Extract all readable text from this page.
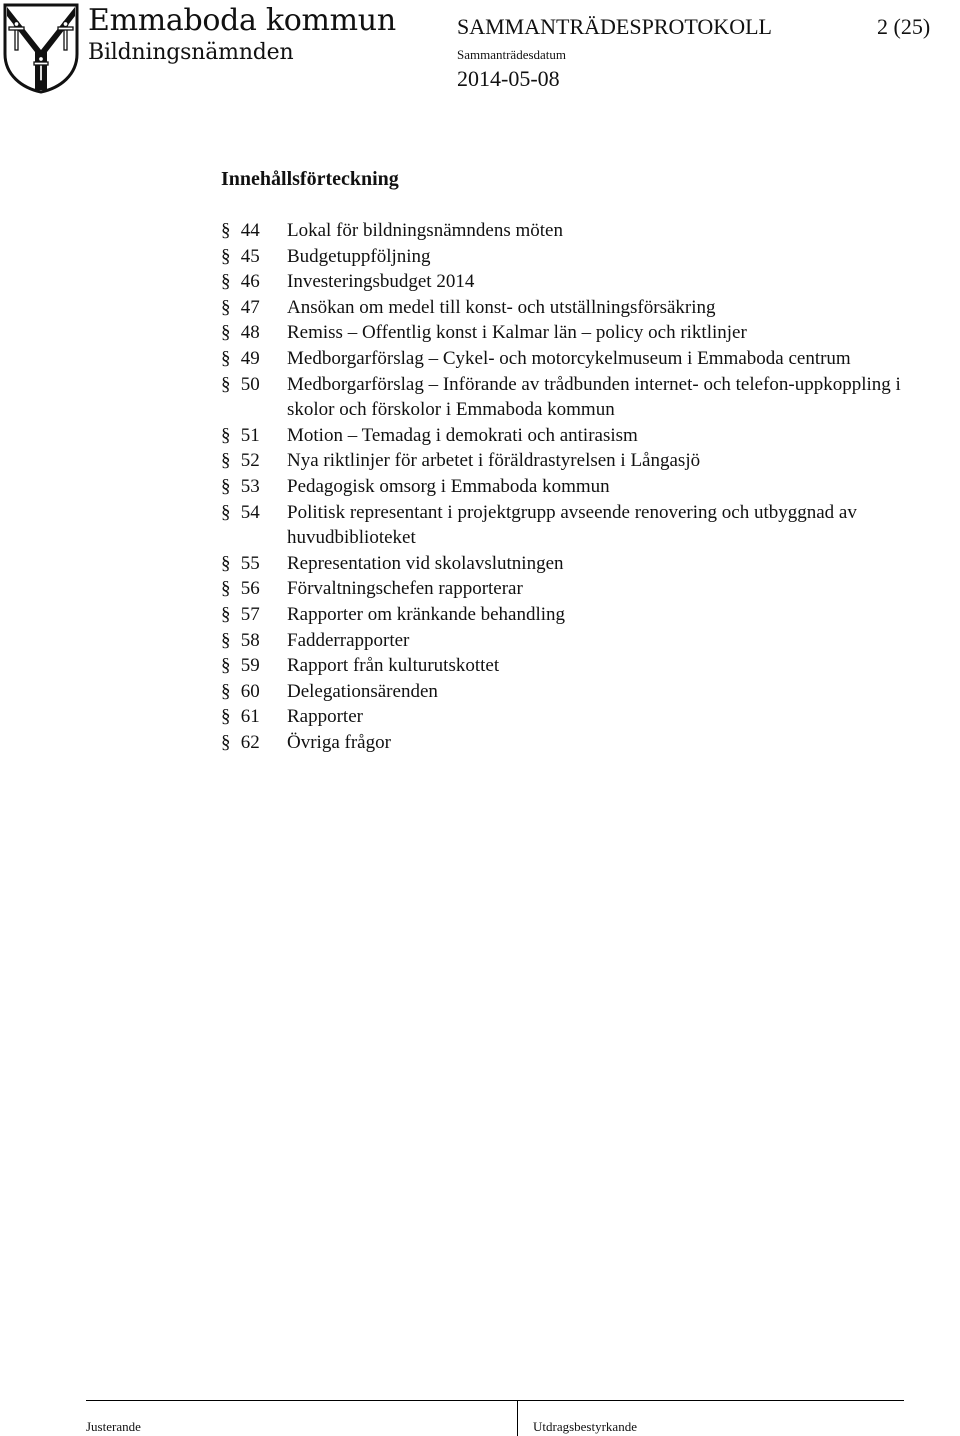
Emmaboda kommun
Bildningsnämnden
SAMMANTRÄDESPROTOKOLL	2 (25)
Sammanträdesdatum
2014-05-08
Innehållsförteckning
§ 44	Lokal för bildningsnämndens möten
§ 45	Budgetuppföljning
§ 46	Investeringsbudget 2014
§ 47	Ansökan om medel till konst- och utställningsförsäkring
§ 48	Remiss – Offentlig konst i Kalmar län – policy och riktlinjer
§ 49	Medborgarförslag – Cykel- och motorcykelmuseum i Emmaboda centrum
§ 50	Medborgarförslag – Införande av trådbunden internet- och telefon-uppkoppling i skolor och förskolor i Emmaboda kommun
§ 51	Motion – Temadag i demokrati och antirasism
§ 52	Nya riktlinjer för arbetet i föräldrastyrelsen i Långasjö
§ 53	Pedagogisk omsorg i Emmaboda kommun
§ 54	Politisk representant i projektgrupp avseende renovering och utbyggnad av huvudbiblioteket
§ 55	Representation vid skolavslutningen
§ 56	Förvaltningschefen rapporterar
§ 57	Rapporter om kränkande behandling
§ 58	Fadderrapporter
§ 59	Rapport från kulturutskottet
§ 60	Delegationsärenden
§ 61	Rapporter
§ 62	Övriga frågor
Justerande	Utdragsbestyrkande
